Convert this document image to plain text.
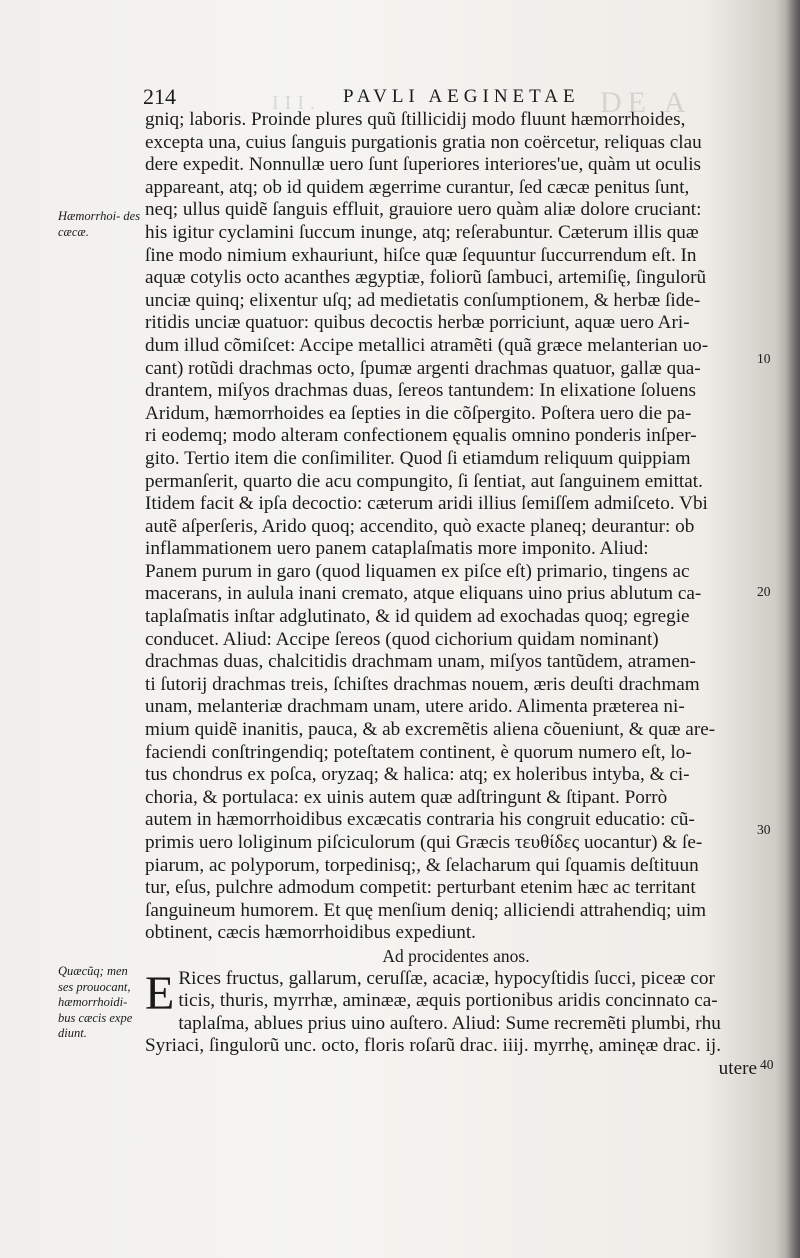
DE A
III.
214	PAVLI AEGINETAE
Hæmorrhoi- des cæcæ.
Quæcũq; men ses prouocant, hæmorrhoidi- bus cæcis expe diunt.
10
20
30
40
gniq; laboris. Proinde plures quũ ſtillicidij modo fluunt hæmorrhoides,
excepta una, cuius ſanguis purgationis gratia non coërcetur, reliquas clau
dere expedit. Nonnullæ uero ſunt ſuperiores interiores'ue, quàm ut oculis
appareant, atq; ob id quidem ægerrime curantur, ſed cæcæ penitus ſunt,
neq; ullus quidẽ ſanguis effluit, grauiore uero quàm aliæ dolore cruciant:
his igitur cyclamini ſuccum inunge, atq; reſerabuntur. Cæterum illis quæ
ſine modo nimium exhauriunt, hiſce quæ ſequuntur ſuccurrendum eſt. In
aquæ cotylis octo acanthes ægyptiæ, foliorũ ſambuci, artemiſię, ſingulorũ
unciæ quinq; elixentur uſq; ad medietatis conſumptionem, & herbæ ſide-
ritidis unciæ quatuor: quibus decoctis herbæ porriciunt, aquæ uero Ari-
dum illud cõmiſcet: Accipe metallici atramẽti (quã græce melanterian uo-
cant) rotũdi drachmas octo, ſpumæ argenti drachmas quatuor, gallæ qua-
drantem, miſyos drachmas duas, ſereos tantundem: In elixatione ſoluens
Aridum, hæmorrhoides ea ſepties in die cõſpergito. Poſtera uero die pa-
ri eodemq; modo alteram confectionem ęqualis omnino ponderis inſper-
gito. Tertio item die conſimiliter. Quod ſi etiamdum reliquum quippiam
permanſerit, quarto die acu compungito, ſi ſentiat, aut ſanguinem emittat.
Itidem facit & ipſa decoctio: cæterum aridi illius ſemiſſem admiſceto. Vbi
autẽ aſperſeris, Arido quoq; accendito, quò exacte planeq; deurantur: ob
inflammationem uero panem cataplaſmatis more imponito. Aliud:
Panem purum in garo (quod liquamen ex piſce eſt) primario, tingens ac
macerans, in aulula inani cremato, atque eliquans uino prius ablutum ca-
taplaſmatis inſtar adglutinato, & id quidem ad exochadas quoq; egregie
conducet. Aliud: Accipe ſereos (quod cichorium quidam nominant)
drachmas duas, chalcitidis drachmam unam, miſyos tantũdem, atramen-
ti ſutorij drachmas treis, ſchiſtes drachmas nouem, æris deuſti drachmam
unam, melanteriæ drachmam unam, utere arido. Alimenta præterea ni-
mium quidẽ inanitis, pauca, & ab excremẽtis aliena cõueniunt, & quæ are-
faciendi conſtringendiq; poteſtatem continent, è quorum numero eſt, lo-
tus chondrus ex poſca, oryzaq; & halica: atq; ex holeribus intyba, & ci-
choria, & portulaca: ex uinis autem quæ adſtringunt & ſtipant. Porrò
autem in hæmorrhoidibus excæcatis contraria his congruit educatio: cũ-
primis uero loliginum piſciculorum (qui Græcis τευθίδες uocantur) & ſe-
piarum, ac polyporum, torpedinisq;, & ſelacharum qui ſquamis deſtituun
tur, eſus, pulchre admodum competit: perturbant etenim hæc ac territant
ſanguineum humorem. Et quę menſium deniq; alliciendi attrahendiq; uim
obtinent, cæcis hæmorrhoidibus expediunt.
Ad procidentes anos.
E Rices fructus, gallarum, ceruſſæ, acaciæ, hypocyſtidis ſucci, piceæ cor
ticis, thuris, myrrhæ, aminææ, æquis portionibus aridis concinnato ca-
taplaſma, ablues prius uino auſtero. Aliud: Sume recremẽti plumbi, rhu
Syriaci, ſingulorũ unc. octo, floris roſarũ drac. iiij. myrrhę, aminęæ drac. ij.
utere
